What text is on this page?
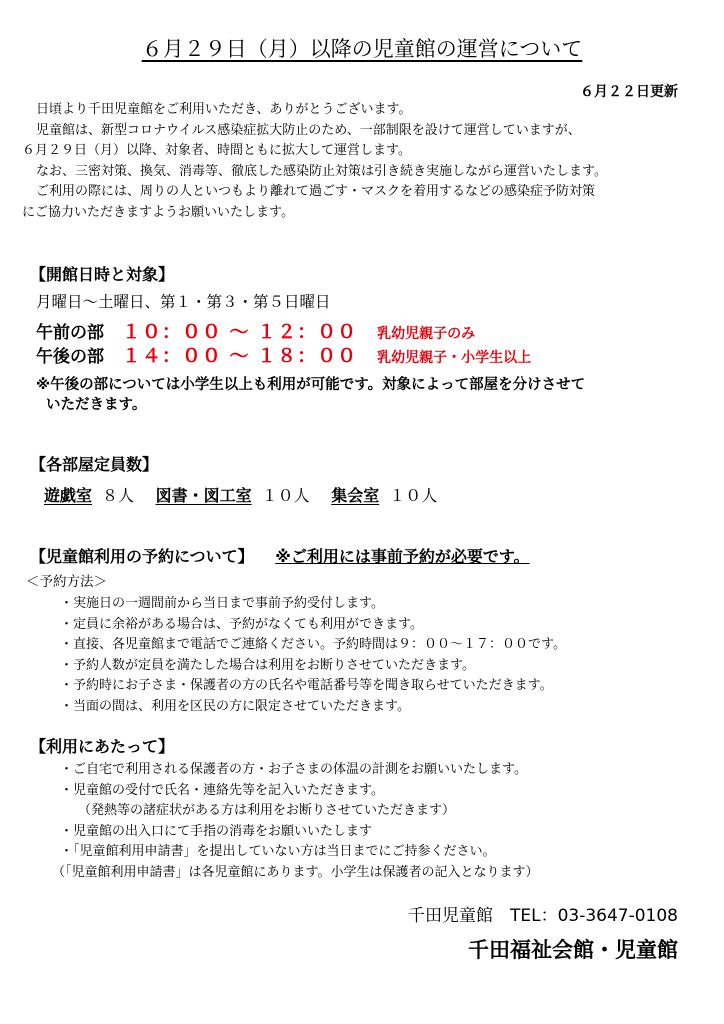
６月２９日（月）以降の児童館の運営について
６月２２日更新

日頃より千田児童館をご利用いただき、ありがとうございます。

児童館は、新型コロナウイルス感染症拡大防止のため、一部制限を設けて運営していますが、

６月２９日（月）以降、対象者、時間ともに拡大して運営します。

なお、三密対策、換気、消毒等、徹底した感染防止対策は引き続き実施しながら運営いたします。

ご利用の際には、周りの人といつもより離れて過ごす・マスクを着用するなどの感染症予防対策

にご協力いただきますようお願いいたします。

【開館日時と対象】
月曜日～土曜日、第１・第３・第５日曜日
午前の部 １０：００ ～ １２：００ 乳幼児親子のみ
午後の部 １４：００ ～ １８：００ 乳幼児親子・小学生以上
※午後の部については小学生以上も利用が可能です。対象によって部屋を分けさせて
いただきます。
【各部屋定員数】
遊戯室 ８人 図書・図工室 １０人 集会室 １０人
【児童館利用の予約について】 ※ご利用には事前予約が必要です。
＜予約方法＞
・実施日の一週間前から当日まで事前予約受付します。
・定員に余裕がある場合は、予約がなくても利用ができます。
・直接、各児童館まで電話でご連絡ください。予約時間は９：００～１７：００です。
・予約人数が定員を満たした場合は利用をお断りさせていただきます。
・予約時にお子さま・保護者の方の氏名や電話番号等を聞き取らせていただきます。
・当面の間は、利用を区民の方に限定させていただきます。
【利用にあたって】
・ご自宅で利用される保護者の方・お子さまの体温の計測をお願いいたします。
・児童館の受付で氏名・連絡先等を記入いただきます。
（発熱等の諸症状がある方は利用をお断りさせていただきます）
・児童館の出入口にて手指の消毒をお願いいたします
・「児童館利用申請書」を提出していない方は当日までにご持参ください。
（「児童館利用申請書」は各児童館にあります。小学生は保護者の記入となります）
千田児童館　TEL：03-3647-0108
千田福祉会館・児童館
